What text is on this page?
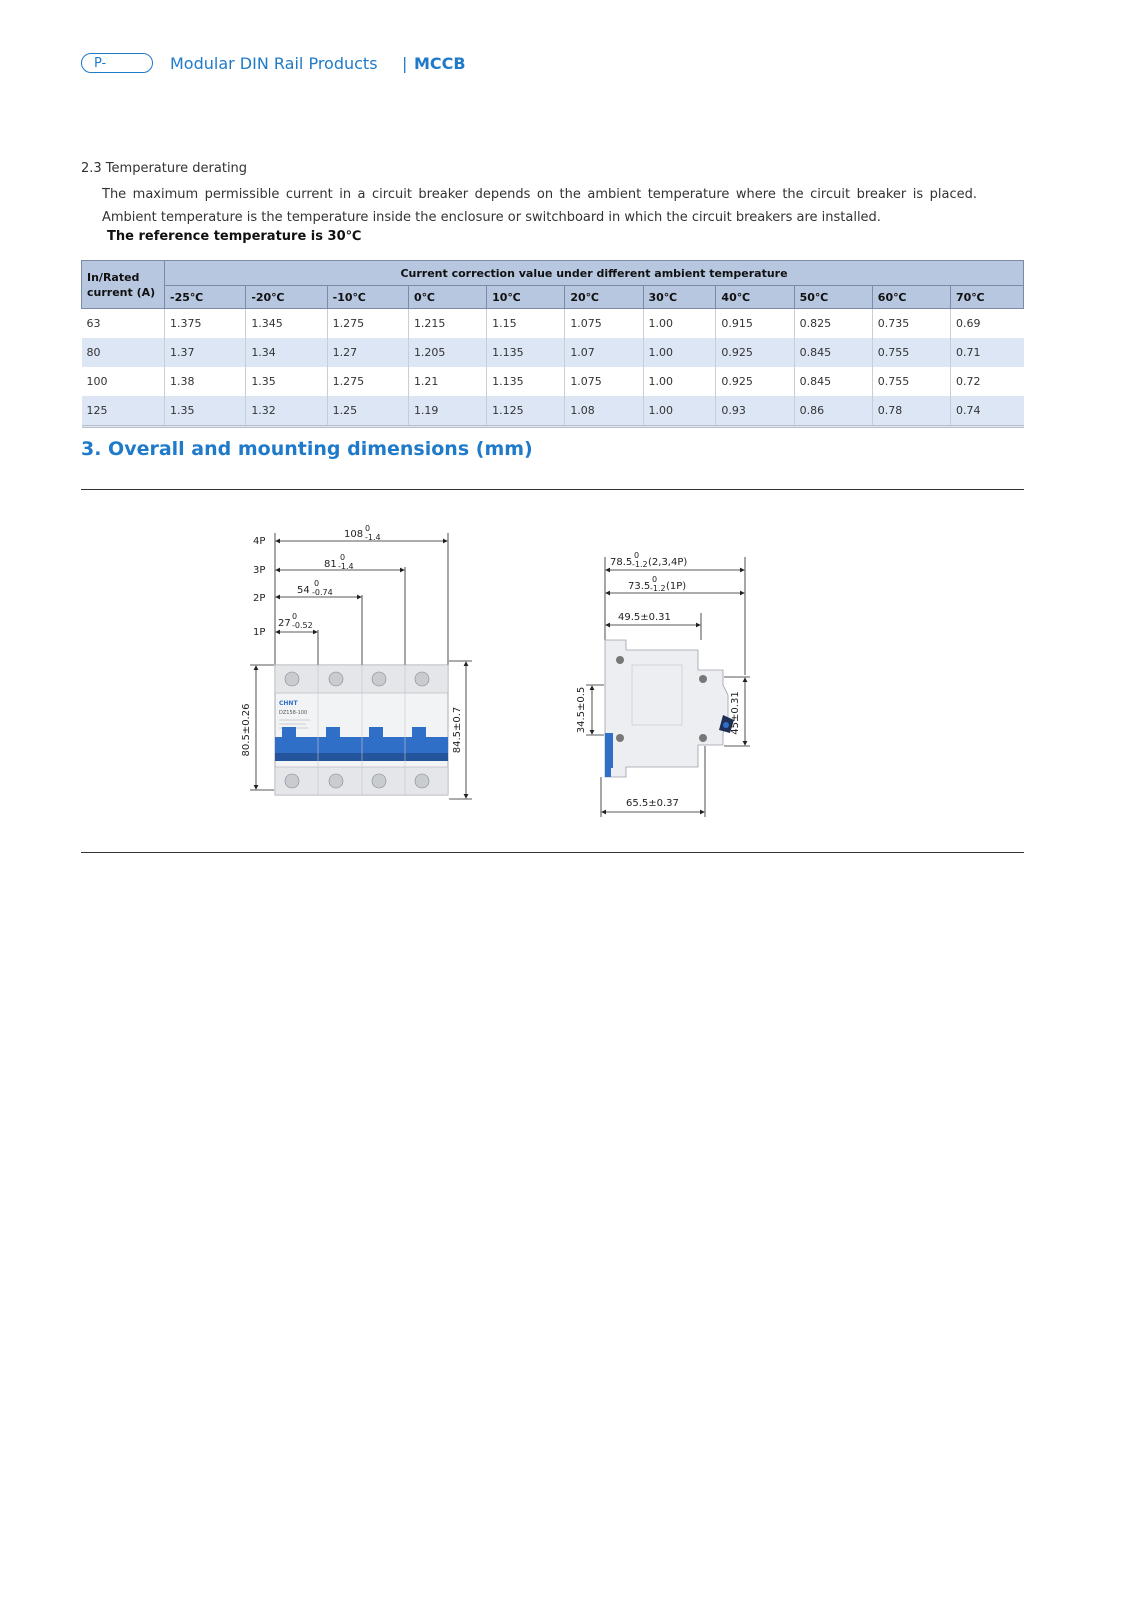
P-	Modular DIN Rail Products | MCCB
2.3 Temperature derating
The maximum permissible current in a circuit breaker depends on the ambient temperature where the circuit breaker is placed. Ambient temperature is the temperature inside the enclosure or switchboard in which the circuit breakers are installed.
The reference temperature is 30℃
In/Rated
current (A)	Current correction value under different ambient temperature										
	-25℃	-20℃	-10℃	0℃	10℃	20℃	30℃	40℃	50℃	60℃	70℃
63	1.375	1.345	1.275	1.215	1.15	1.075	1.00	0.915	0.825	0.735	0.69
80	1.37	1.34	1.27	1.205	1.135	1.07	1.00	0.925	0.845	0.755	0.71
100	1.38	1.35	1.275	1.21	1.135	1.075	1.00	0.925	0.845	0.755	0.72
125	1.35	1.32	1.25	1.19	1.125	1.08	1.00	0.93	0.86	0.78	0.74
3. Overall and mounting dimensions (mm)
4P
3P
2P
1P
108
0
-1.4
81
0
-1.4
54
0
-0.74
27
0
-0.52
CHNT
DZ158-100
80.5±0.26	84.5±0.7
78.5
0
-1.2 (2,3,4P)
73.5
0
-1.2 (1P)
49.5±0.31
34.5±0.5	45±0.31
65.5±0.37
